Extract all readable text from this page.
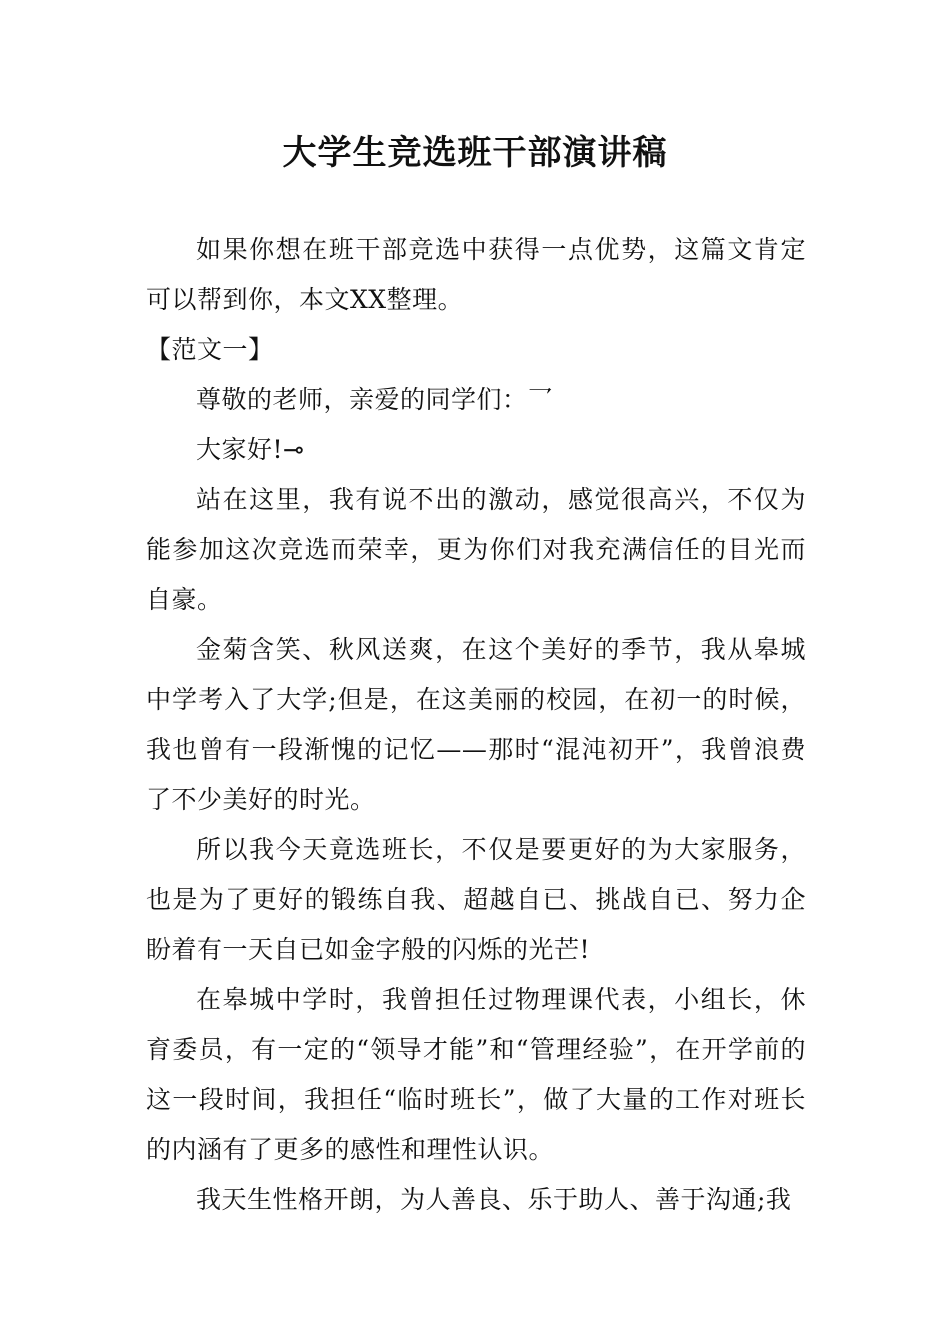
大学生竞选班干部演讲稿

如果你想在班干部竞选中获得一点优势，这篇文肯定可以帮到你，本文XX整理。

【范文一】

尊敬的老师，亲爱的同学们：乛

大家好!⊸

站在这里，我有说不出的激动，感觉很高兴，不仅为能参加这次竞选而荣幸，更为你们对我充满信任的目光而自豪。

金菊含笑、秋风送爽，在这个美好的季节，我从皋城中学考入了大学;但是，在这美丽的校园，在初一的时候，我也曾有一段渐愧的记忆——那时“混沌初开”，我曾浪费了不少美好的时光。

所以我今天竟选班长，不仅是要更好的为大家服务，也是为了更好的锻练自我、超越自已、挑战自已、努力企盼着有一天自已如金字般的闪烁的光芒!

在皋城中学时，我曾担任过物理课代表，小组长，休育委员，有一定的“领导才能”和“管理经验”，在开学前的这一段时间，我担任“临时班长”，做了大量的工作对班长的内涵有了更多的感性和理性认识。

我天生性格开朗，为人善良、乐于助人、善于沟通;我
